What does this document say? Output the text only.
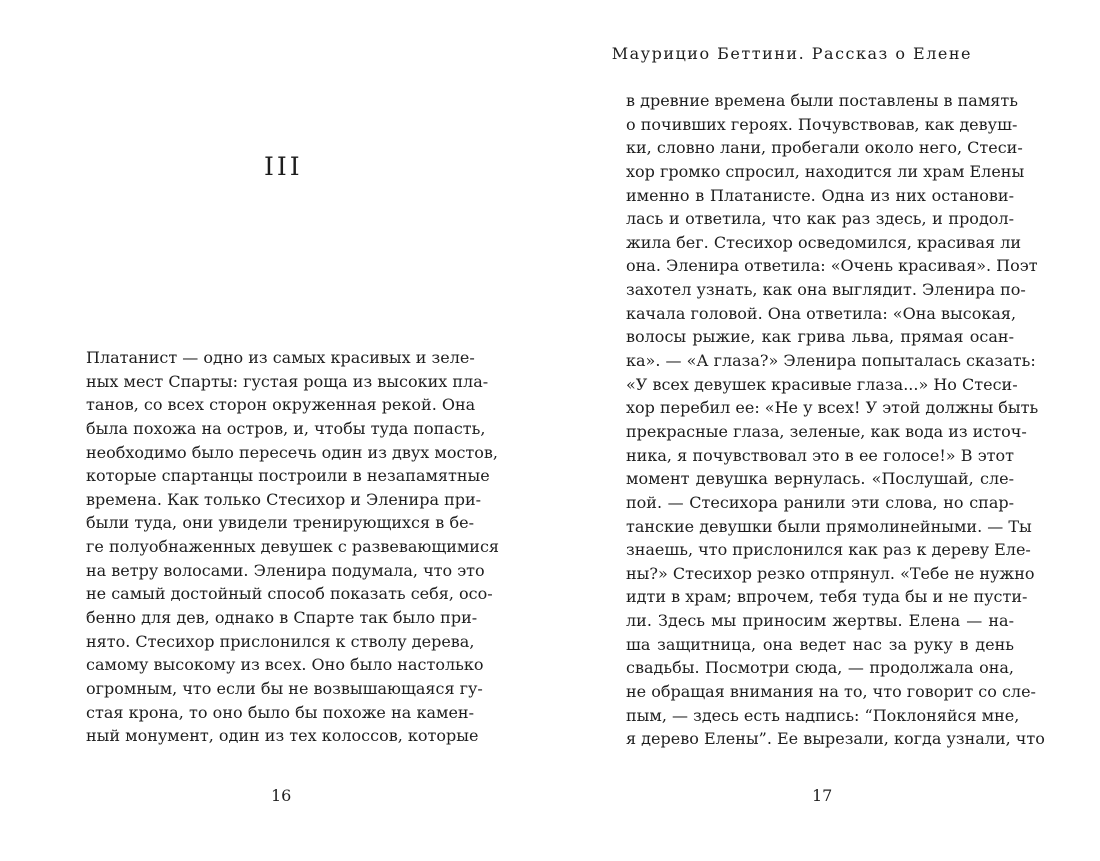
III
Платанист — одно из самых красивых и зеле-
ных мест Спарты: густая роща из высоких пла-
танов, со всех сторон окруженная рекой. Она
была похожа на остров, и, чтобы туда попасть,
необходимо было пересечь один из двух мостов,
которые спартанцы построили в незапамятные
времена. Как только Стесихор и Эленира при-
были туда, они увидели тренирующихся в бе-
ге полуобнаженных девушек с развевающимися
на ветру волосами. Эленира подумала, что это
не самый достойный способ показать себя, осо-
бенно для дев, однако в Спарте так было при-
нято. Стесихор прислонился к стволу дерева,
самому высокому из всех. Оно было настолько
огромным, что если бы не возвышающаяся гу-
стая крона, то оно было бы похоже на камен-
ный монумент, один из тех колоссов, которые
16
Маурицио Беттини. Рассказ о Елене
в древние времена были поставлены в память
о почивших героях. Почувствовав, как девуш-
ки, словно лани, пробегали около него, Стеси-
хор громко спросил, находится ли храм Елены
именно в Платанисте. Одна из них останови-
лась и ответила, что как раз здесь, и продол-
жила бег. Стесихор осведомился, красивая ли
она. Эленира ответила: «Очень красивая». Поэт
захотел узнать, как она выглядит. Эленира по-
качала головой. Она ответила: «Она высокая,
волосы рыжие, как грива льва, прямая осан-
ка». — «А глаза?» Эленира попыталась сказать:
«У всех девушек красивые глаза...» Но Стеси-
хор перебил ее: «Не у всех! У этой должны быть
прекрасные глаза, зеленые, как вода из источ-
ника, я почувствовал это в ее голосе!» В этот
момент девушка вернулась. «Послушай, сле-
пой. — Стесихора ранили эти слова, но спар-
танские девушки были прямолинейными. — Ты
знаешь, что прислонился как раз к дереву Еле-
ны?» Стесихор резко отпрянул. «Тебе не нужно
идти в храм; впрочем, тебя туда бы и не пусти-
ли. Здесь мы приносим жертвы. Елена — на-
ша защитница, она ведет нас за руку в день
свадьбы. Посмотри сюда, — продолжала она,
не обращая внимания на то, что говорит со сле-
пым, — здесь есть надпись: “Поклоняйся мне,
я дерево Елены”. Ее вырезали, когда узнали, что
17
